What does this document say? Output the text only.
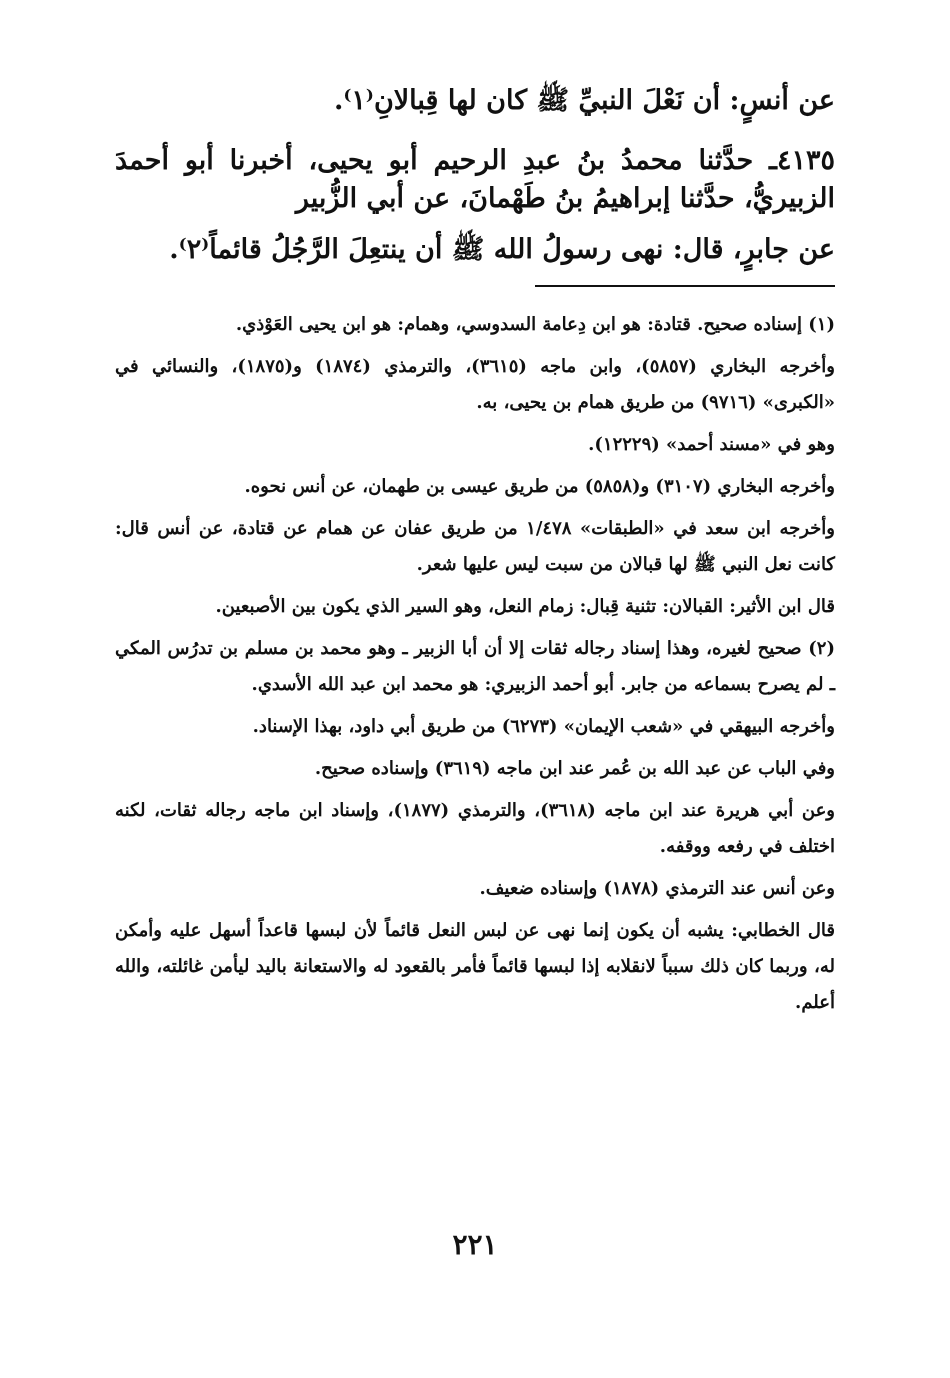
عن أنسٍ: أن نَعْلَ النبيِّ ﷺ كان لها قِبالانِ⁽١⁾.

٤١٣٥ـ حدَّثنا محمدُ بنُ عبدِ الرحيم أبو يحيى، أخبرنا أبو أحمدَ الزبيريُّ، حدَّثنا إبراهيمُ بنُ طَهْمانَ، عن أبي الزُّبير

عن جابرٍ، قال: نهى رسولُ الله ﷺ أن ينتعِلَ الرَّجُلُ قائماً⁽٢⁾.

(١) إسناده صحيح. قتادة: هو ابن دِعامة السدوسي، وهمام: هو ابن يحيى العَوْذي.

وأخرجه البخاري (٥٨٥٧)، وابن ماجه (٣٦١٥)، والترمذي (١٨٧٤) و(١٨٧٥)، والنسائي في «الكبرى» (٩٧١٦) من طريق همام بن يحيى، به.

وهو في «مسند أحمد» (١٢٢٢٩).

وأخرجه البخاري (٣١٠٧) و(٥٨٥٨) من طريق عيسى بن طهمان، عن أنس نحوه.

وأخرجه ابن سعد في «الطبقات» ١/٤٧٨ من طريق عفان عن همام عن قتادة، عن أنس قال: كانت نعل النبي ﷺ لها قبالان من سبت ليس عليها شعر.

قال ابن الأثير: القبالان: تثنية قِبال: زمام النعل، وهو السير الذي يكون بين الأصبعين.

(٢) صحيح لغيره، وهذا إسناد رجاله ثقات إلا أن أبا الزبير ـ وهو محمد بن مسلم بن تدرُس المكي ـ لم يصرح بسماعه من جابر. أبو أحمد الزبيري: هو محمد ابن عبد الله الأسدي.

وأخرجه البيهقي في «شعب الإيمان» (٦٢٧٣) من طريق أبي داود، بهذا الإسناد.

وفي الباب عن عبد الله بن عُمر عند ابن ماجه (٣٦١٩) وإسناده صحيح.

وعن أبي هريرة عند ابن ماجه (٣٦١٨)، والترمذي (١٨٧٧)، وإسناد ابن ماجه رجاله ثقات، لكنه اختلف في رفعه ووقفه.

وعن أنس عند الترمذي (١٨٧٨) وإسناده ضعيف.

قال الخطابي: يشبه أن يكون إنما نهى عن لبس النعل قائماً لأن لبسها قاعداً أسهل عليه وأمكن له، وربما كان ذلك سبباً لانقلابه إذا لبسها قائماً فأمر بالقعود له والاستعانة باليد ليأمن غائلته، والله أعلم.

٢٢١
